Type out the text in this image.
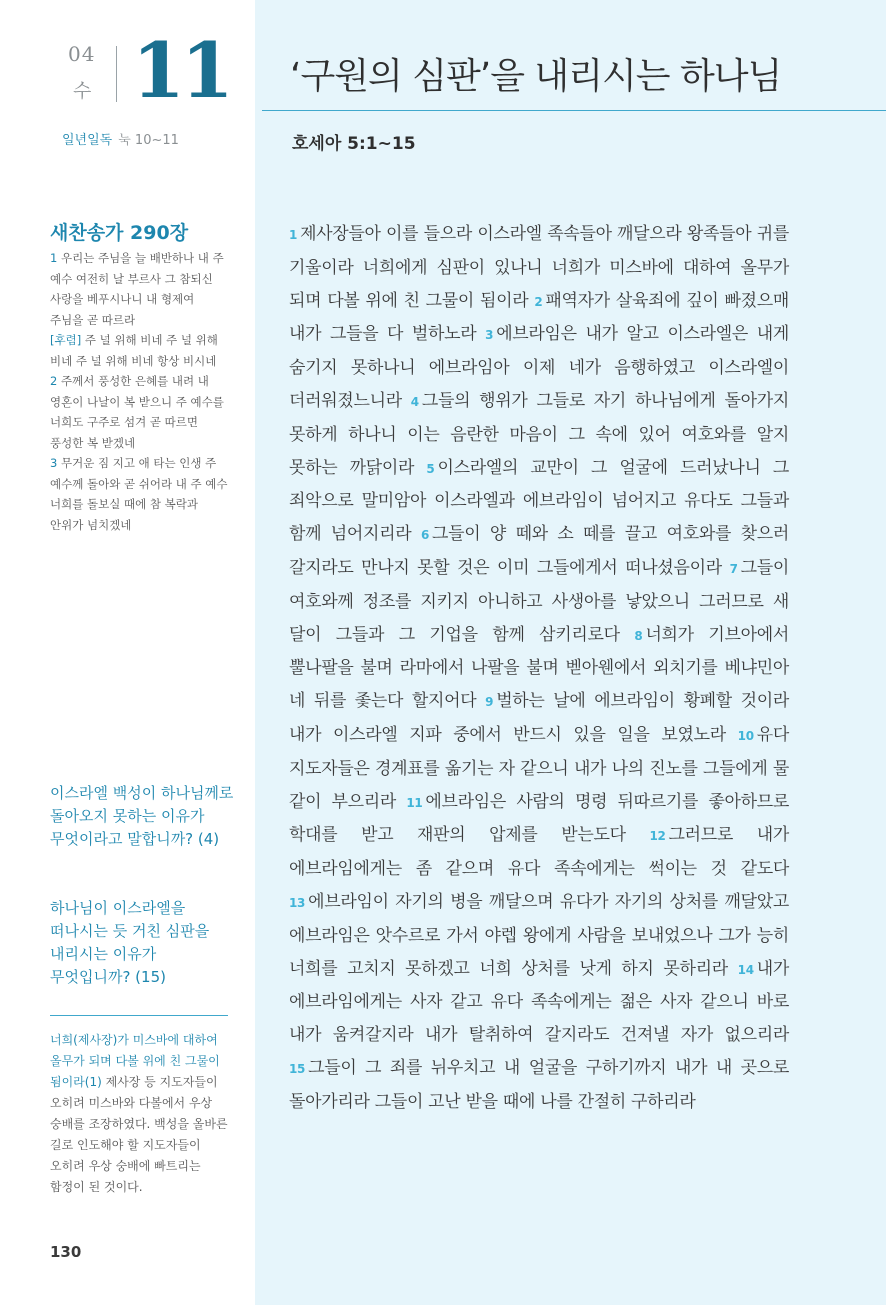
04
수 11
일년일독 눅 10~11
‘구원의 심판’을 내리시는 하나님
호세아 5:1~15
새찬송가 290장
1 우리는 주님을 늘 배반하나 내 주 예수 여전히 날 부르사 그 참되신 사랑을 베푸시나니 내 형제여 주님을 곧 따르라
[후렴] 주 널 위해 비네 주 널 위해 비네 주 널 위해 비네 항상 비시네
2 주께서 풍성한 은혜를 내려 내 영혼이 나날이 복 받으니 주 예수를 너희도 구주로 섬겨 곧 따르면 풍성한 복 받겠네
3 무거운 짐 지고 애 타는 인생 주 예수께 돌아와 곧 쉬어라 내 주 예수 너희를 돌보실 때에 참 복락과 안위가 넘치겠네
이스라엘 백성이 하나님께로 돌아오지 못하는 이유가 무엇이라고 말합니까? (4)
하나님이 이스라엘을 떠나시는 듯 거친 심판을 내리시는 이유가 무엇입니까? (15)
너희(제사장)가 미스바에 대하여 올무가 되며 다볼 위에 친 그물이 됨이라(1) 제사장 등 지도자들이 오히려 미스바와 다볼에서 우상 숭배를 조장하였다. 백성을 올바른 길로 인도해야 할 지도자들이 오히려 우상 숭배에 빠트리는 함정이 된 것이다.
130
1 제사장들아 이를 들으라 이스라엘 족속들아 깨달으라 왕족들아 귀를 기울이라 너희에게 심판이 있나니 너희가 미스바에 대하여 올무가 되며 다볼 위에 친 그물이 됨이라 2 패역자가 살육죄에 깊이 빠졌으매 내가 그들을 다 벌하노라 3 에브라임은 내가 알고 이스라엘은 내게 숨기지 못하나니 에브라임아 이제 네가 음행하였고 이스라엘이 더러워졌느니라 4 그들의 행위가 그들로 자기 하나님에게 돌아가지 못하게 하나니 이는 음란한 마음이 그 속에 있어 여호와를 알지 못하는 까닭이라 5 이스라엘의 교만이 그 얼굴에 드러났나니 그 죄악으로 말미암아 이스라엘과 에브라임이 넘어지고 유다도 그들과 함께 넘어지리라 6 그들이 양 떼와 소 떼를 끌고 여호와를 찾으러 갈지라도 만나지 못할 것은 이미 그들에게서 떠나셨음이라 7 그들이 여호와께 정조를 지키지 아니하고 사생아를 낳았으니 그러므로 새 달이 그들과 그 기업을 함께 삼키리로다 8 너희가 기브아에서 뿔나팔을 불며 라마에서 나팔을 불며 벧아웬에서 외치기를 베냐민아 네 뒤를 좇는다 할지어다 9 벌하는 날에 에브라임이 황폐할 것이라 내가 이스라엘 지파 중에서 반드시 있을 일을 보였노라 10 유다 지도자들은 경계표를 옮기는 자 같으니 내가 나의 진노를 그들에게 물 같이 부으리라 11 에브라임은 사람의 명령 뒤따르기를 좋아하므로 학대를 받고 재판의 압제를 받는도다 12 그러므로 내가 에브라임에게는 좀 같으며 유다 족속에게는 썩이는 것 같도다 13 에브라임이 자기의 병을 깨달으며 유다가 자기의 상처를 깨달았고 에브라임은 앗수르로 가서 야렙 왕에게 사람을 보내었으나 그가 능히 너희를 고치지 못하겠고 너희 상처를 낫게 하지 못하리라 14 내가 에브라임에게는 사자 같고 유다 족속에게는 젊은 사자 같으니 바로 내가 움켜갈지라 내가 탈취하여 갈지라도 건져낼 자가 없으리라 15 그들이 그 죄를 뉘우치고 내 얼굴을 구하기까지 내가 내 곳으로 돌아가리라 그들이 고난 받을 때에 나를 간절히 구하리라
